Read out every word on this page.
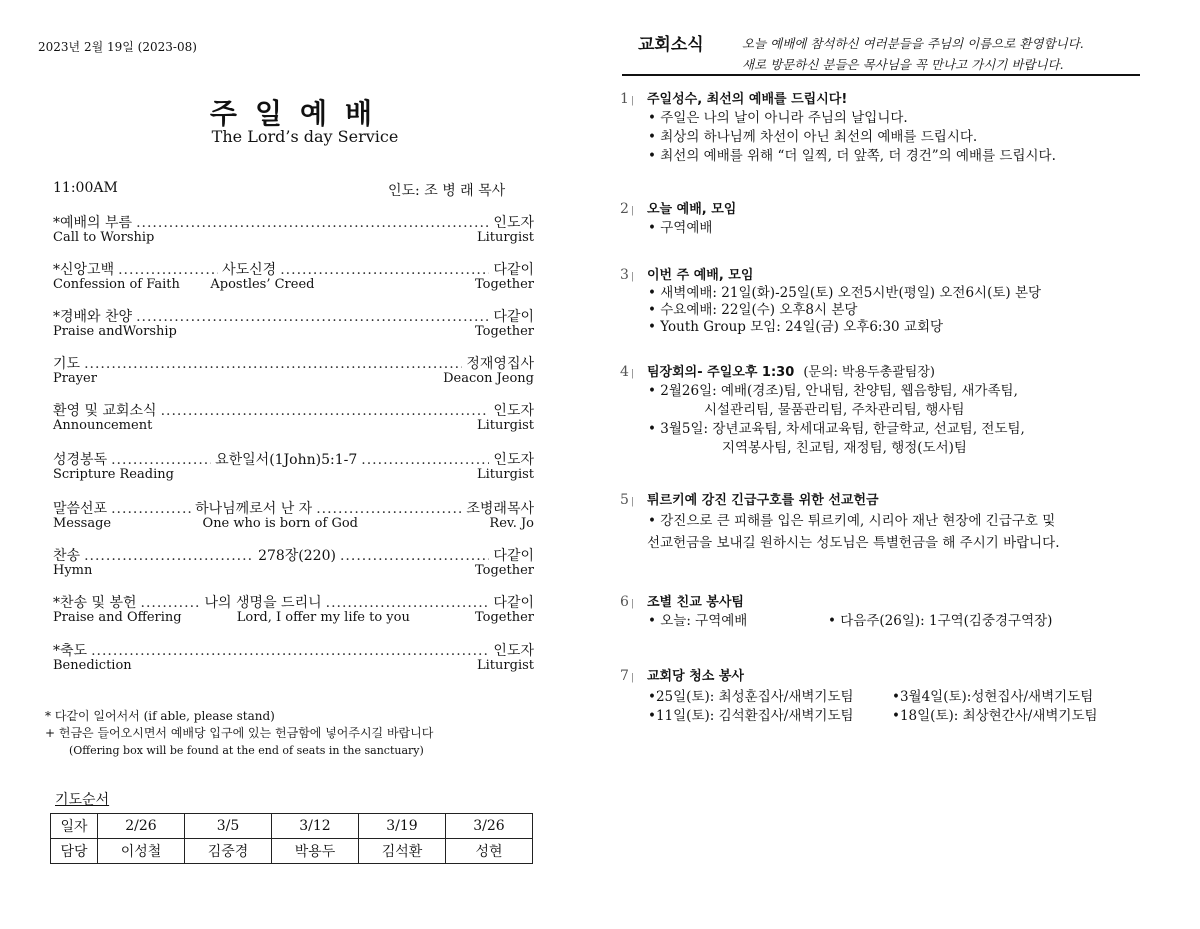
2023년 2월 19일 (2023-08)
주일예배
The Lord’s day Service
11:00AM	인도: 조 병 래 목사
*예배의 부름 .....	인도자
Call to Worship	Liturgist
*신앙고백 .....	사도신경 .....	다같이
Confession of Faith	Apostles’ Creed	Together
*경배와 찬양 .....	다같이
Praise andWorship	Together
기도 .....	정재영집사
Prayer	Deacon Jeong
환영 및 교회소식 .....	인도자
Announcement	Liturgist
성경봉독 .....	요한일서(1John)5:1-7 .....	인도자
Scripture Reading	Liturgist
말씀선포 .....	하나님께로서 난 자 .....	조병래목사
Message	One who is born of God	Rev. Jo
찬송 .....	278장(220) .....	다같이
Hymn	Together
*찬송 및 봉헌 .....	나의 생명을 드리니 .....	다같이
Praise and Offering	Lord, I offer my life to you	Together
*축도 .....	인도자
Benediction	Liturgist
* 다같이 일어서서 (if able, please stand)
+ 헌금은 들어오시면서 예배당 입구에 있는 헌금함에 넣어주시길 바랍니다
(Offering box will be found at the end of seats in the sanctuary)
기도순서
일자	2/26	3/5	3/12	3/19	3/26
담당	이성철	김중경	박용두	김석환	성현
교회소식	오늘 예배에 참석하신 여러분들을 주님의 이름으로 환영합니다.
새로 방문하신 분들은 목사님을 꼭 만나고 가시기 바랍니다.
1 |	주일성수, 최선의 예배를 드립시다!
• 주일은 나의 날이 아니라 주님의 날입니다.
• 최상의 하나님께 차선이 아닌 최선의 예배를 드립시다.
• 최선의 예배를 위해 “더 일찍, 더 앞쪽, 더 경건”의 예배를 드립시다.
2 |	오늘 예배, 모임
• 구역예배
3 |	이번 주 예배, 모임
• 새벽예배: 21일(화)-25일(토) 오전5시반(평일) 오전6시(토) 본당
• 수요예배: 22일(수) 오후8시 본당
• Youth Group 모임: 24일(금) 오후6:30 교회당
4 |	팀장회의- 주일오후 1:30 (문의: 박용두총괄팀장)
• 2월26일: 예배(경조)팀, 안내팀, 찬양팀, 웹음향팀, 새가족팀,
시설관리팀, 물품관리팀, 주차관리팀, 행사팀
• 3월5일: 장년교육팀, 차세대교육팀, 한글학교, 선교팀, 전도팀,
지역봉사팀, 친교팀, 재정팀, 행정(도서)팀
5 |	튀르키예 강진 긴급구호를 위한 선교헌금
• 강진으로 큰 피해를 입은 튀르키예, 시리아 재난 현장에 긴급구호 및
선교헌금을 보내길 원하시는 성도님은 특별헌금을 해 주시기 바랍니다.
6 |	조별 친교 봉사팀
• 오늘: 구역예배	• 다음주(26일): 1구역(김중경구역장)
7 |	교회당 청소 봉사
•25일(토): 최성훈집사/새벽기도팀	•3월4일(토):성현집사/새벽기도팀
•11일(토): 김석환집사/새벽기도팀	•18일(토): 최상현간사/새벽기도팀
